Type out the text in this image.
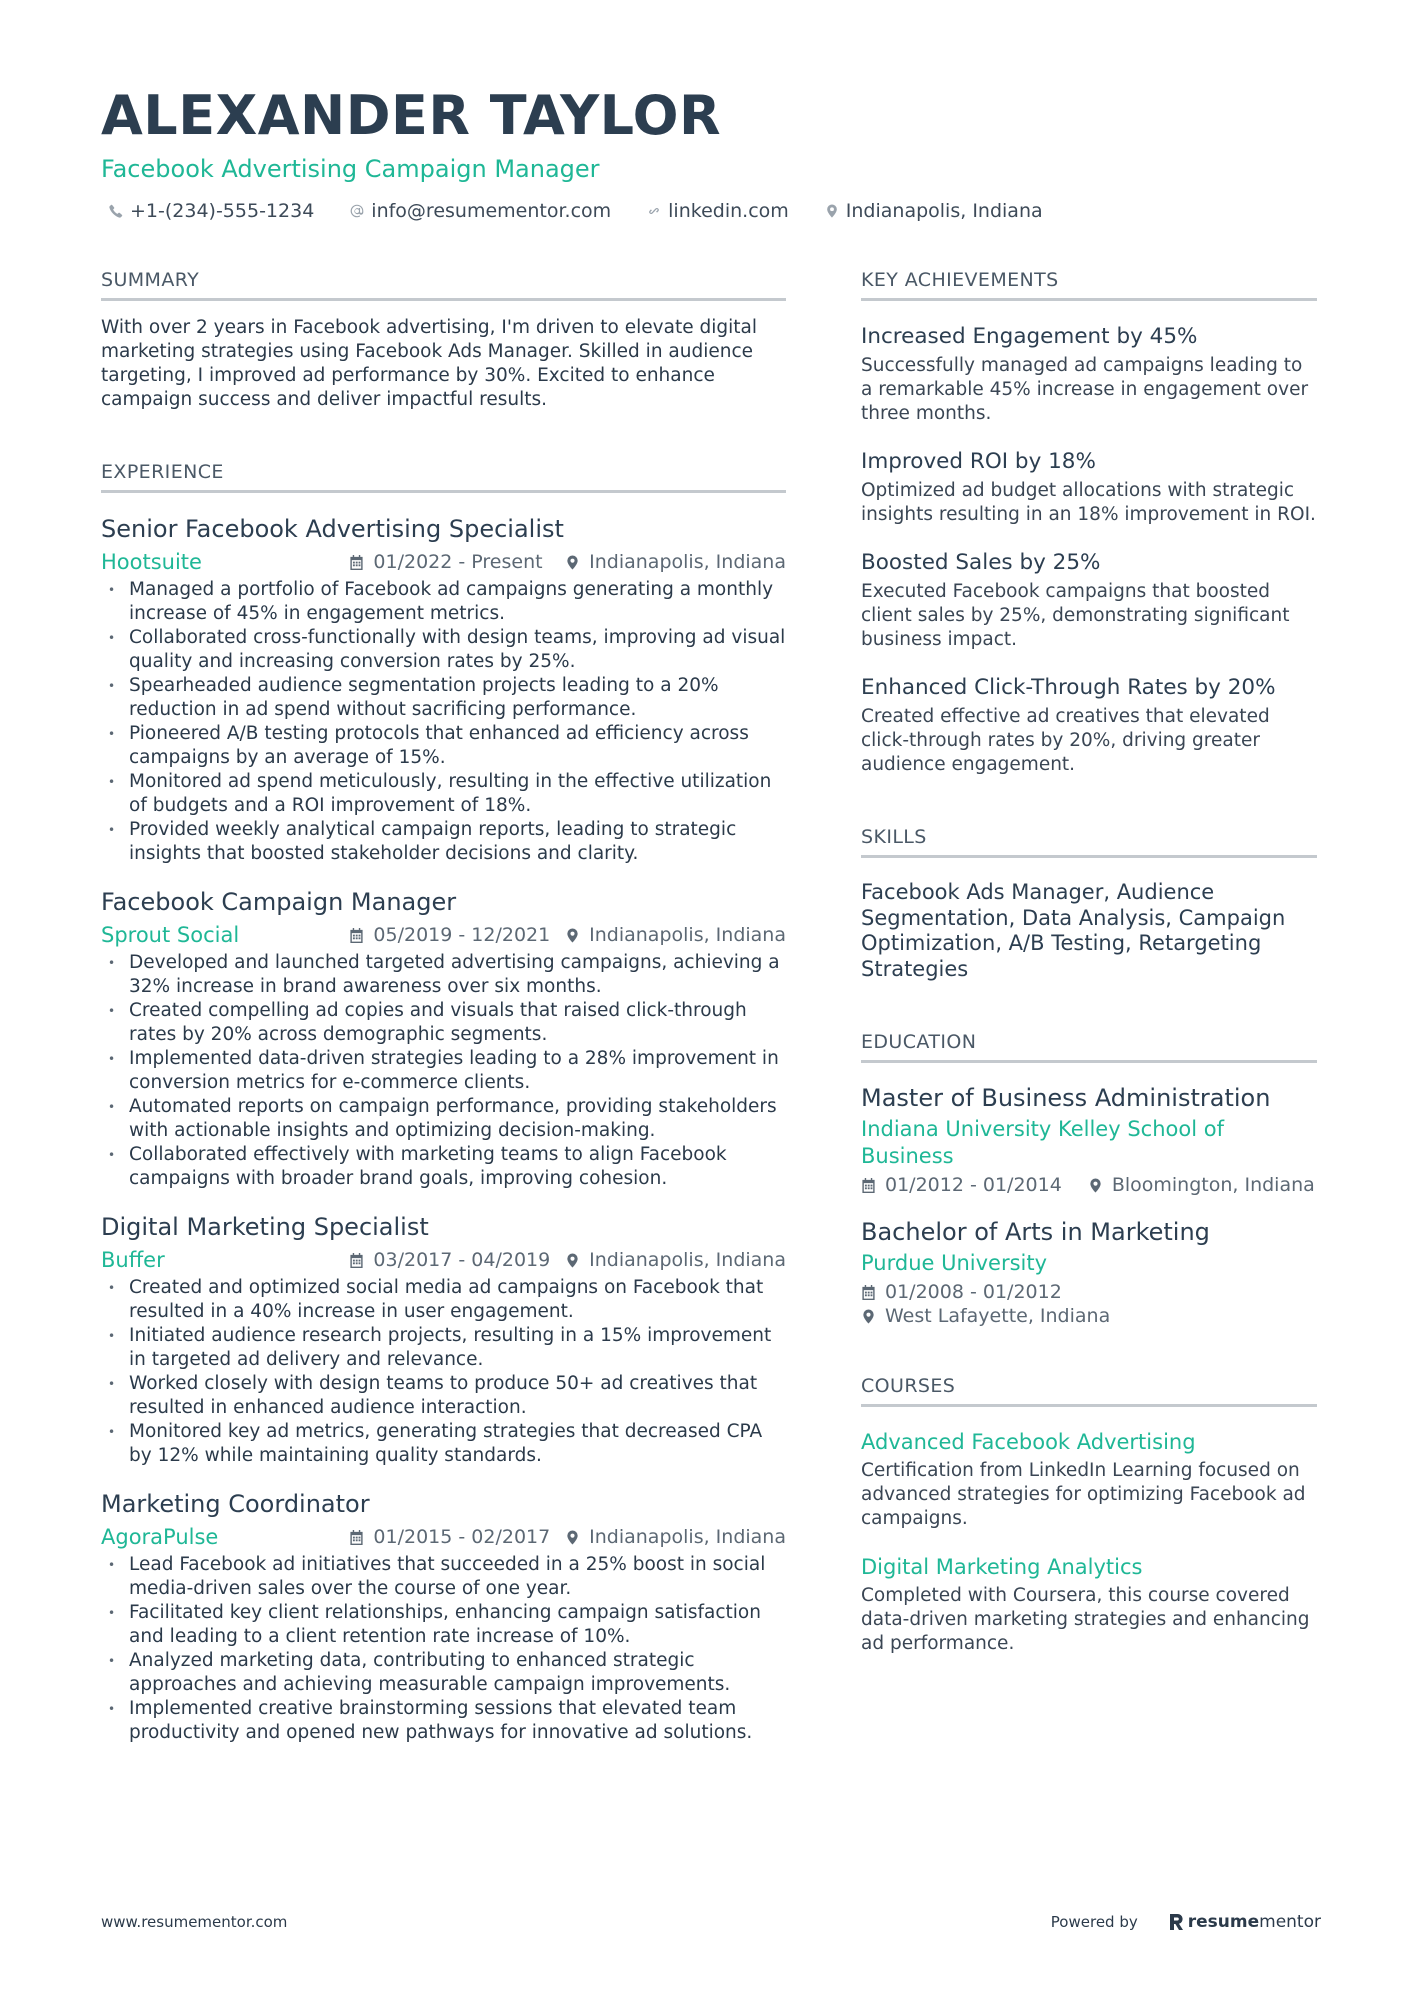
ALEXANDER TAYLOR
Facebook Advertising Campaign Manager
+1-(234)-555-1234	info@resumementor.com	linkedin.com	Indianapolis, Indiana
SUMMARY

With over 2 years in Facebook advertising, I'm driven to elevate digital marketing strategies using Facebook Ads Manager. Skilled in audience targeting, I improved ad performance by 30%. Excited to enhance campaign success and deliver impactful results.

EXPERIENCE
Senior Facebook Advertising Specialist
Hootsuite	01/2022 - Present Indianapolis, Indiana
• Managed a portfolio of Facebook ad campaigns generating a monthly increase of 45% in engagement metrics.
• Collaborated cross-functionally with design teams, improving ad visual quality and increasing conversion rates by 25%.
• Spearheaded audience segmentation projects leading to a 20% reduction in ad spend without sacrificing performance.
• Pioneered A/B testing protocols that enhanced ad efficiency across campaigns by an average of 15%.
• Monitored ad spend meticulously, resulting in the effective utilization of budgets and a ROI improvement of 18%.
• Provided weekly analytical campaign reports, leading to strategic insights that boosted stakeholder decisions and clarity.
Facebook Campaign Manager
Sprout Social	05/2019 - 12/2021 Indianapolis, Indiana
• Developed and launched targeted advertising campaigns, achieving a 32% increase in brand awareness over six months.
• Created compelling ad copies and visuals that raised click-through rates by 20% across demographic segments.
• Implemented data-driven strategies leading to a 28% improvement in conversion metrics for e-commerce clients.
• Automated reports on campaign performance, providing stakeholders with actionable insights and optimizing decision-making.
• Collaborated effectively with marketing teams to align Facebook campaigns with broader brand goals, improving cohesion.
Digital Marketing Specialist
Buffer	03/2017 - 04/2019 Indianapolis, Indiana
• Created and optimized social media ad campaigns on Facebook that resulted in a 40% increase in user engagement.
• Initiated audience research projects, resulting in a 15% improvement in targeted ad delivery and relevance.
• Worked closely with design teams to produce 50+ ad creatives that resulted in enhanced audience interaction.
• Monitored key ad metrics, generating strategies that decreased CPA by 12% while maintaining quality standards.
Marketing Coordinator
AgoraPulse	01/2015 - 02/2017 Indianapolis, Indiana
• Lead Facebook ad initiatives that succeeded in a 25% boost in social media-driven sales over the course of one year.
• Facilitated key client relationships, enhancing campaign satisfaction and leading to a client retention rate increase of 10%.
• Analyzed marketing data, contributing to enhanced strategic approaches and achieving measurable campaign improvements.
• Implemented creative brainstorming sessions that elevated team productivity and opened new pathways for innovative ad solutions.
KEY ACHIEVEMENTS
Increased Engagement by 45%
Successfully managed ad campaigns leading to a remarkable 45% increase in engagement over three months.
Improved ROI by 18%
Optimized ad budget allocations with strategic insights resulting in an 18% improvement in ROI.
Boosted Sales by 25%
Executed Facebook campaigns that boosted client sales by 25%, demonstrating significant business impact.
Enhanced Click-Through Rates by 20%
Created effective ad creatives that elevated click-through rates by 20%, driving greater audience engagement.
SKILLS
Facebook Ads Manager, Audience Segmentation, Data Analysis, Campaign Optimization, A/B Testing, Retargeting Strategies
EDUCATION
Master of Business Administration
Indiana University Kelley School of Business
01/2012 - 01/2014	Bloomington, Indiana
Bachelor of Arts in Marketing
Purdue University
01/2008 - 01/2012
West Lafayette, Indiana
COURSES
Advanced Facebook Advertising
Certification from LinkedIn Learning focused on advanced strategies for optimizing Facebook ad campaigns.
Digital Marketing Analytics
Completed with Coursera, this course covered data-driven marketing strategies and enhancing ad performance.
www.resumementor.com	Powered by	resume mentor
